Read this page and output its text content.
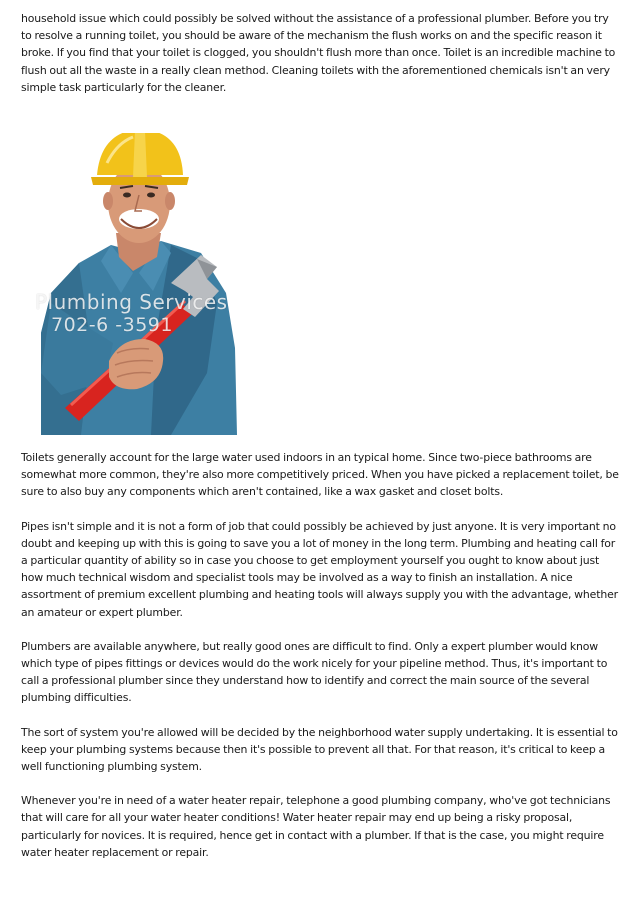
household issue which could possibly be solved without the assistance of a professional plumber. Before you try to resolve a running toilet, you should be aware of the mechanism the flush works on and the specific reason it broke. If you find that your toilet is clogged, you shouldn't flush more than once. Toilet is an incredible machine to flush out all the waste in a really clean method. Cleaning toilets with the aforementioned chemicals isn't an very simple task particularly for the cleaner.

Plumbing Services
702-6 -3591

Toilets generally account for the large water used indoors in an typical home. Since two-piece bathrooms are somewhat more common, they're also more competitively priced. When you have picked a replacement toilet, be sure to also buy any components which aren't contained, like a wax gasket and closet bolts.

Pipes isn't simple and it is not a form of job that could possibly be achieved by just anyone. It is very important no doubt and keeping up with this is going to save you a lot of money in the long term. Plumbing and heating call for a particular quantity of ability so in case you choose to get employment yourself you ought to know about just how much technical wisdom and specialist tools may be involved as a way to finish an installation. A nice assortment of premium excellent plumbing and heating tools will always supply you with the advantage, whether an amateur or expert plumber.

Plumbers are available anywhere, but really good ones are difficult to find. Only a expert plumber would know which type of pipes fittings or devices would do the work nicely for your pipeline method. Thus, it's important to call a professional plumber since they understand how to identify and correct the main source of the several plumbing difficulties.

The sort of system you're allowed will be decided by the neighborhood water supply undertaking. It is essential to keep your plumbing systems because then it's possible to prevent all that. For that reason, it's critical to keep a well functioning plumbing system.

Whenever you're in need of a water heater repair, telephone a good plumbing company, who've got technicians that will care for all your water heater conditions! Water heater repair may end up being a risky proposal, particularly for novices. It is required, hence get in contact with a plumber. If that is the case, you might require water heater replacement or repair.
